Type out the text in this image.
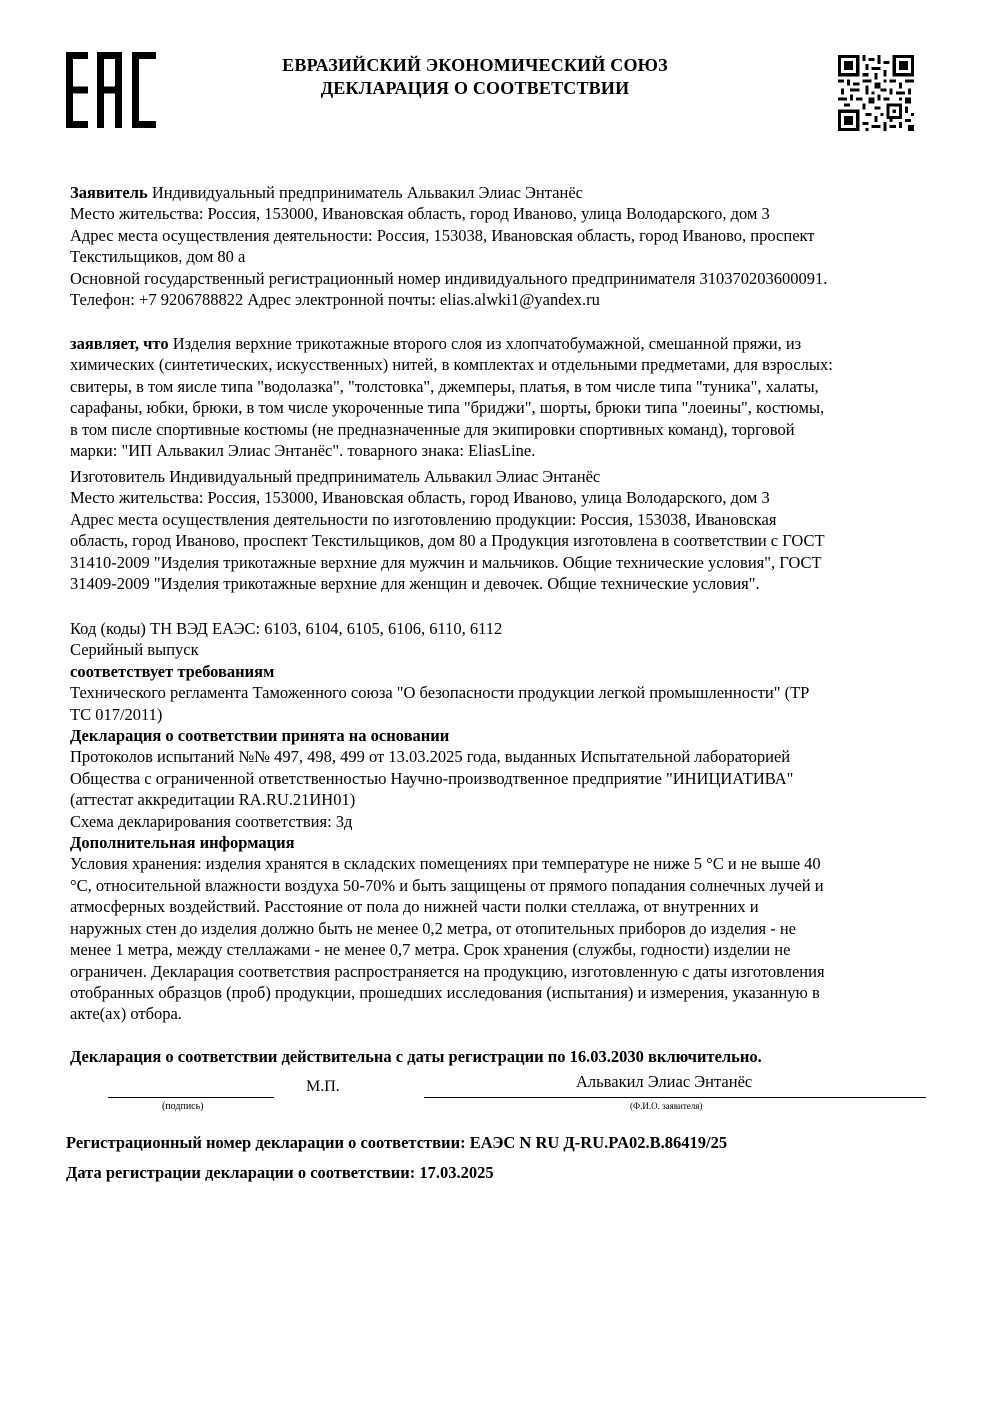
ЕВРАЗИЙСКИЙ ЭКОНОМИЧЕСКИЙ СОЮЗ
ДЕКЛАРАЦИЯ О СООТВЕТСТВИИ

Заявитель Индивидуальный предприниматель Альвакил Элиас Энтанёс

Место жительства: Россия, 153000, Ивановская область, город Иваново, улица Володарского, дом 3

Адрес места осуществления деятельности: Россия, 153038, Ивановская область, город Иваново, проспект

Текстильщиков, дом 80 а

Основной государственный регистрационный номер индивидуального предпринимателя 310370203600091.

Телефон: +7 9206788822 Адрес электронной почты: elias.alwki1@yandex.ru

заявляет, что Изделия верхние трикотажные второго слоя из хлопчатобумажной, смешанной пряжи, из

химических (синтетических, искусственных) нитей, в комплектах и отдельными предметами, для взрослых:

свитеры, в том яисле типа "водолазка", "толстовка", джемперы, платья, в том числе типа "туника", халаты,

сарафаны, юбки, брюки, в том числе укороченные типа "бриджи", шорты, брюки типа "лоеины", костюмы,

в том писле спортивные костюмы (не предназначенные для экипировки спортивных команд), торговой

марки: "ИП Альвакил Элиас Энтанёс". товарного знака: EliasLine.

Изготовитель Индивидуальный предприниматель Альвакил Элиас Энтанёс

Место жительства: Россия, 153000, Ивановская область, город Иваново, улица Володарского, дом 3

Адрес места осуществления деятельности по изготовлению продукции: Россия, 153038, Ивановская

область, город Иваново, проспект Текстильщиков, дом 80 а Продукция изготовлена в соответствии с ГОСТ

31410-2009 "Изделия трикотажные верхние для мужчин и мальчиков. Общие технические условия", ГОСТ

31409-2009 "Изделия трикотажные верхние для женщин и девочек. Общие технические условия".

Код (коды) ТН ВЭД ЕАЭС: 6103, 6104, 6105, 6106, 6110, 6112

Серийный выпуск

соответствует требованиям

Технического регламента Таможенного союза "О безопасности продукции легкой промышленности" (ТР

ТС 017/2011)

Декларация о соответствии принята на основании

Протоколов испытаний №№ 497, 498, 499 от 13.03.2025 года, выданных Испытательной лабораторией

Общества с ограниченной ответственностью Научно-производтвенное предприятие "ИНИЦИАТИВА"

(аттестат аккредитации RA.RU.21ИН01)

Схема декларирования соответствия: 3д

Дополнительная информация

Условия хранения: изделия хранятся в складских помещениях при температуре не ниже 5 °С и не выше 40

°С, относительной влажности воздуха 50-70% и быть защищены от прямого попадания солнечных лучей и

атмосферных воздействий. Расстояние от пола до нижней части полки стеллажа, от внутренних и

наружных стен до изделия должно быть не менее 0,2 метра, от отопительных приборов до изделия - не

менее 1 метра, между стеллажами - не менее 0,7 метра. Срок хранения (службы, годности) изделии не

ограничен. Декларация соответствия распространяется на продукцию, изготовленную с даты изготовления

отобранных образцов (проб) продукции, прошедших исследования (испытания) и измерения, указанную в

акте(ах) отбора.

Декларация о соответствии действительна с даты регистрации по 16.03.2030 включительно.
(подпись)
М.П.	Альвакил Элиас Энтанёс
(Ф.И.О. заявителя)
Регистрационный номер декларации о соответствии: ЕАЭС N RU Д-RU.PA02.B.86419/25
Дата регистрации декларации о соответствии: 17.03.2025
